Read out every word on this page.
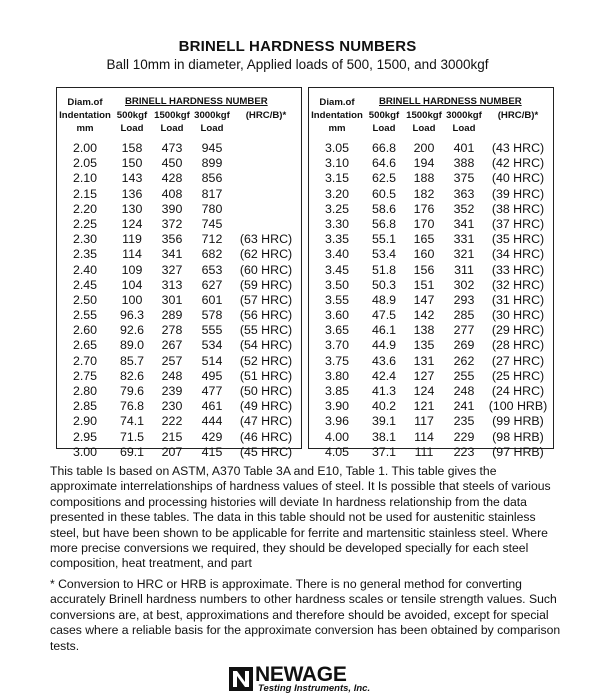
BRINELL HARDNESS NUMBERS
Ball 10mm in diameter, Applied loads of 500, 1500, and 3000kgf
Diam.of
Indentation
mm
BRINELL HARDNESS NUMBER
500kgf
Load
1500kgf
Load
3000kgf
Load
(HRC/B)*
2.00	158	473	945
2.05	150	450	899
2.10	143	428	856
2.15	136	408	817
2.20	130	390	780
2.25	124	372	745
2.30	119	356	712	(63 HRC)
2.35	114	341	682	(62 HRC)
2.40	109	327	653	(60 HRC)
2.45	104	313	627	(59 HRC)
2.50	100	301	601	(57 HRC)
2.55	96.3	289	578	(56 HRC)
2.60	92.6	278	555	(55 HRC)
2.65	89.0	267	534	(54 HRC)
2.70	85.7	257	514	(52 HRC)
2.75	82.6	248	495	(51 HRC)
2.80	79.6	239	477	(50 HRC)
2.85	76.8	230	461	(49 HRC)
2.90	74.1	222	444	(47 HRC)
2.95	71.5	215	429	(46 HRC)
3.00	69.1	207	415	(45 HRC)
Diam.of
Indentation
mm
BRINELL HARDNESS NUMBER
500kgf
Load
1500kgf
Load
3000kgf
Load
(HRC/B)*
3.05	66.8	200	401	(43 HRC)
3.10	64.6	194	388	(42 HRC)
3.15	62.5	188	375	(40 HRC)
3.20	60.5	182	363	(39 HRC)
3.25	58.6	176	352	(38 HRC)
3.30	56.8	170	341	(37 HRC)
3.35	55.1	165	331	(35 HRC)
3.40	53.4	160	321	(34 HRC)
3.45	51.8	156	311	(33 HRC)
3.50	50.3	151	302	(32 HRC)
3.55	48.9	147	293	(31 HRC)
3.60	47.5	142	285	(30 HRC)
3.65	46.1	138	277	(29 HRC)
3.70	44.9	135	269	(28 HRC)
3.75	43.6	131	262	(27 HRC)
3.80	42.4	127	255	(25 HRC)
3.85	41.3	124	248	(24 HRC)
3.90	40.2	121	241	(100 HRB)
3.96	39.1	117	235	(99 HRB)
4.00	38.1	114	229	(98 HRB)
4.05	37.1	111	223	(97 HRB)
This table Is based on ASTM, A370 Table 3A and E10, Table 1. This table gives the approximate interrelationships of hardness values of steel. It Is possible that steels of various compositions and processing histories will deviate In hardness relationship from the data presented in these tables. The data in this table should not be used for austenitic stainless steel, but have been shown to be applicable for ferrite and martensitic stainless steel. Where more precise conversions we required, they should be developed specially for each steel composition, heat treatment, and part
* Conversion to HRC or HRB is approximate. There is no general method for converting accurately Brinell hardness numbers to other hardness scales or tensile strength values. Such conversions are, at best, approximations and therefore should be avoided, except for special cases where a reliable basis for the approximate conversion has been obtained by comparison tests.
NEWAGE
Testing Instruments, Inc.
